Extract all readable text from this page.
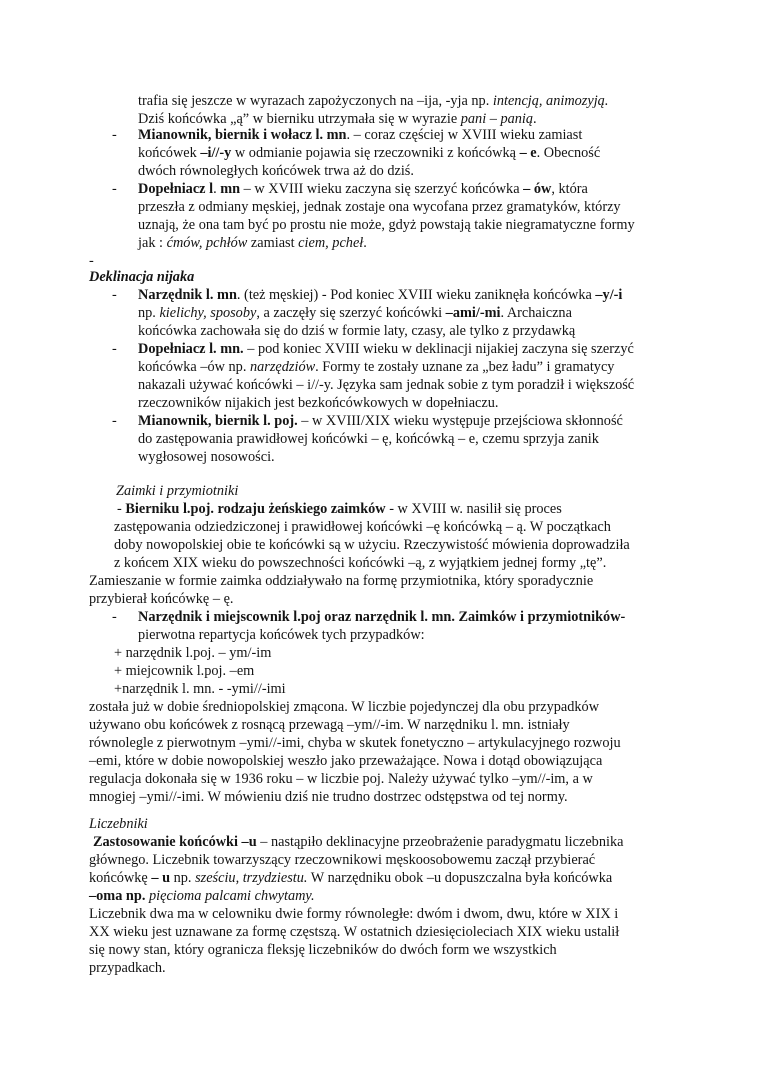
trafia się jeszcze w wyrazach zapożyczonych na –ija, -yja np. intencją, animozyją.
Dziś końcówka „ą” w bierniku utrzymała się w wyrazie pani – panią.
- Mianownik, biernik i wołacz l. mn. – coraz częściej w XVIII wieku zamiast
końcówek –i//-y w odmianie pojawia się rzeczowniki z końcówką – e. Obecność
dwóch równoległych końcówek trwa aż do dziś.
- Dopełniacz l. mn – w XVIII wieku zaczyna się szerzyć końcówka – ów, która
przeszła z odmiany męskiej, jednak zostaje ona wycofana przez gramatyków, którzy
uznają, że ona tam być po prostu nie może, gdyż powstają takie niegramatyczne formy
jak : ćmów, pchłów zamiast ciem, pcheł.
-
Deklinacja nijaka
- Narzędnik l. mn. (też męskiej) - Pod koniec XVIII wieku zaniknęła końcówka –y/-i
np. kielichy, sposoby, a zaczęły się szerzyć końcówki –ami/-mi. Archaiczna
końcówka zachowała się do dziś w formie laty, czasy, ale tylko z przydawką
- Dopełniacz l. mn. – pod koniec XVIII wieku w deklinacji nijakiej zaczyna się szerzyć
końcówka –ów np. narzędziów. Formy te zostały uznane za „bez ładu” i gramatycy
nakazali używać końcówki – i//-y. Języka sam jednak sobie z tym poradził i większość
rzeczowników nijakich jest bezkońcówkowych w dopełniaczu.
- Mianownik, biernik l. poj. – w XVIII/XIX wieku występuje przejściowa skłonność
do zastępowania prawidłowej końcówki – ę, końcówką – e, czemu sprzyja zanik
wygłosowej nosowości.
Zaimki i przymiotniki
- Bierniku l.poj. rodzaju żeńskiego zaimków - w XVIII w. nasilił się proces
zastępowania odziedziczonej i prawidłowej końcówki –ę końcówką – ą. W początkach
doby nowopolskiej obie te końcówki są w użyciu. Rzeczywistość mówienia doprowadziła
z końcem XIX wieku do powszechności końcówki –ą, z wyjątkiem jednej formy „tę”.
Zamieszanie w formie zaimka oddziaływało na formę przymiotnika, który sporadycznie
przybierał końcówkę – ę.
- Narzędnik i miejscownik l.poj oraz narzędnik l. mn. Zaimków i przymiotników-
pierwotna repartycja końcówek tych przypadków:
+ narzędnik l.poj. – ym/-im
+ miejcownik l.poj. –em
+narzędnik l. mn. - -ymi//-imi
została już w dobie średniopolskiej zmącona. W liczbie pojedynczej dla obu przypadków
używano obu końcówek z rosnącą przewagą –ym//-im. W narzędniku l. mn. istniały
równolegle z pierwotnym –ymi//-imi, chyba w skutek fonetyczno – artykulacyjnego rozwoju
–emi, które w dobie nowopolskiej weszło jako przeważające. Nowa i dotąd obowiązująca
regulacja dokonała się w 1936 roku – w liczbie poj. Należy używać tylko –ym//-im, a w
mnogiej –ymi//-imi. W mówieniu dziś nie trudno dostrzec odstępstwa od tej normy.
Liczebniki
Zastosowanie końcówki –u – nastąpiło deklinacyjne przeobrażenie paradygmatu liczebnika
głównego. Liczebnik towarzyszący rzeczownikowi męskoosobowemu zaczął przybierać
końcówkę – u np. sześciu, trzydziestu. W narzędniku obok –u dopuszczalna była końcówka
–oma np. pięcioma palcami chwytamy.
Liczebnik dwa ma w celowniku dwie formy równoległe: dwóm i dwom, dwu, które w XIX i
XX wieku jest uznawane za formę częstszą. W ostatnich dziesięcioleciach XIX wieku ustalił
się nowy stan, który ogranicza fleksję liczebników do dwóch form we wszystkich
przypadkach.
